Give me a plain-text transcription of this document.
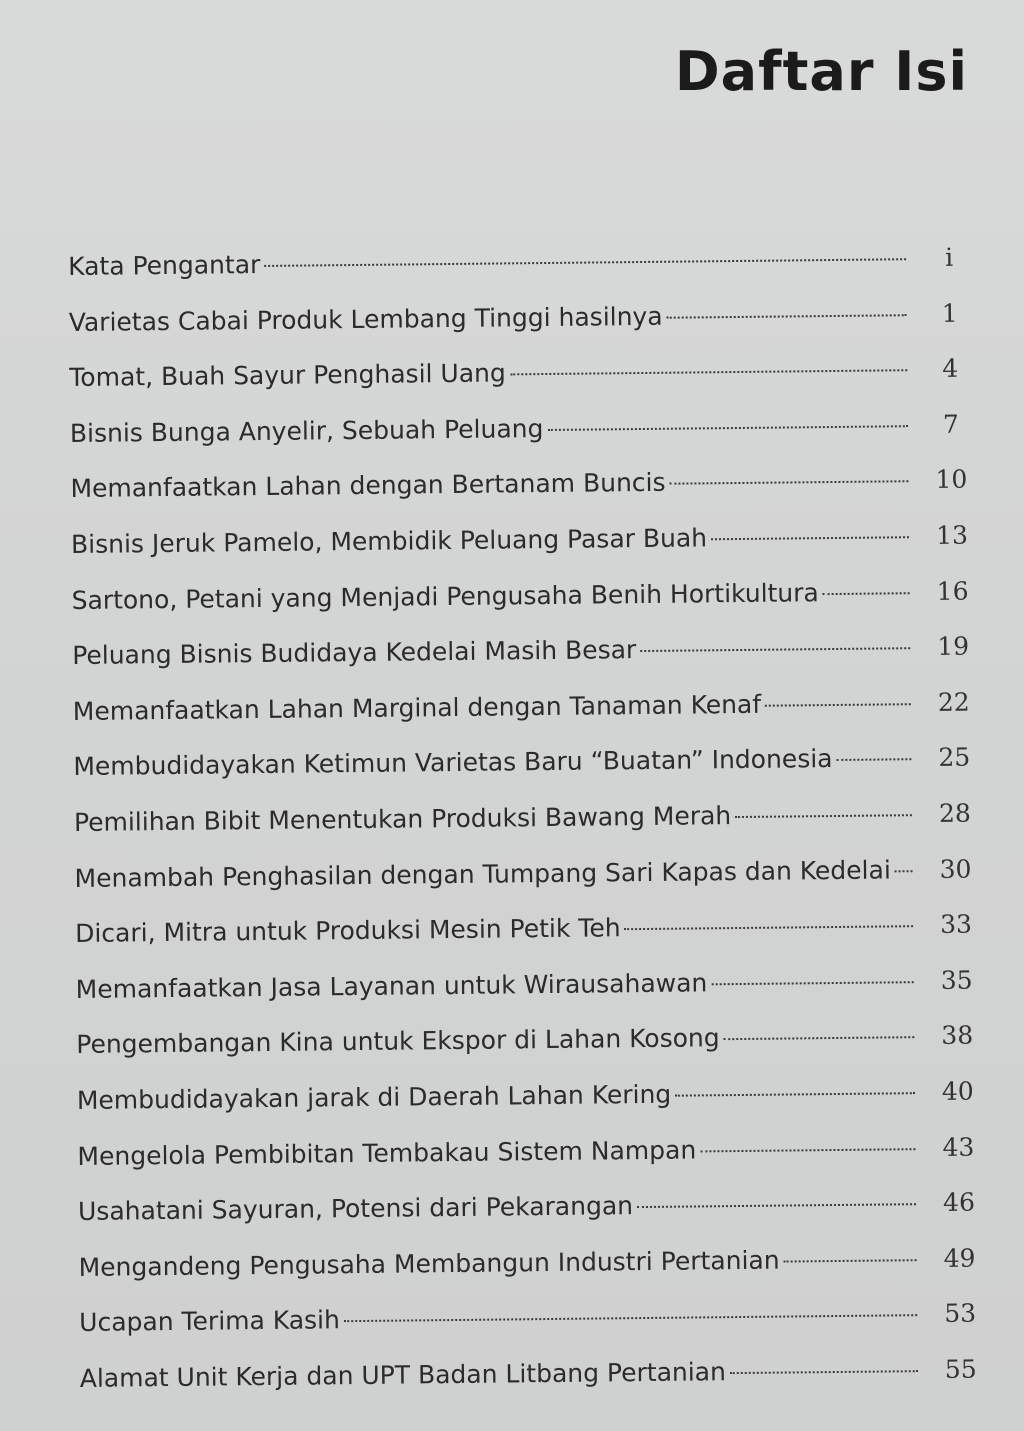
Daftar Isi
Kata Pengantar	i
Varietas Cabai Produk Lembang Tinggi hasilnya	1
Tomat, Buah Sayur Penghasil Uang	4
Bisnis Bunga Anyelir, Sebuah Peluang	7
Memanfaatkan Lahan dengan Bertanam Buncis	10
Bisnis Jeruk Pamelo, Membidik Peluang Pasar Buah	13
Sartono, Petani yang Menjadi Pengusaha Benih Hortikultura	16
Peluang Bisnis Budidaya Kedelai Masih Besar	19
Memanfaatkan Lahan Marginal dengan Tanaman Kenaf	22
Membudidayakan Ketimun Varietas Baru “Buatan” Indonesia	25
Pemilihan Bibit Menentukan Produksi Bawang Merah	28
Menambah Penghasilan dengan Tumpang Sari Kapas dan Kedelai	30
Dicari, Mitra untuk Produksi Mesin Petik Teh	33
Memanfaatkan Jasa Layanan untuk Wirausahawan	35
Pengembangan Kina untuk Ekspor di Lahan Kosong	38
Membudidayakan jarak di Daerah Lahan Kering	40
Mengelola Pembibitan Tembakau Sistem Nampan	43
Usahatani Sayuran, Potensi dari Pekarangan	46
Mengandeng Pengusaha Membangun Industri Pertanian	49
Ucapan Terima Kasih	53
Alamat Unit Kerja dan UPT Badan Litbang Pertanian	55
